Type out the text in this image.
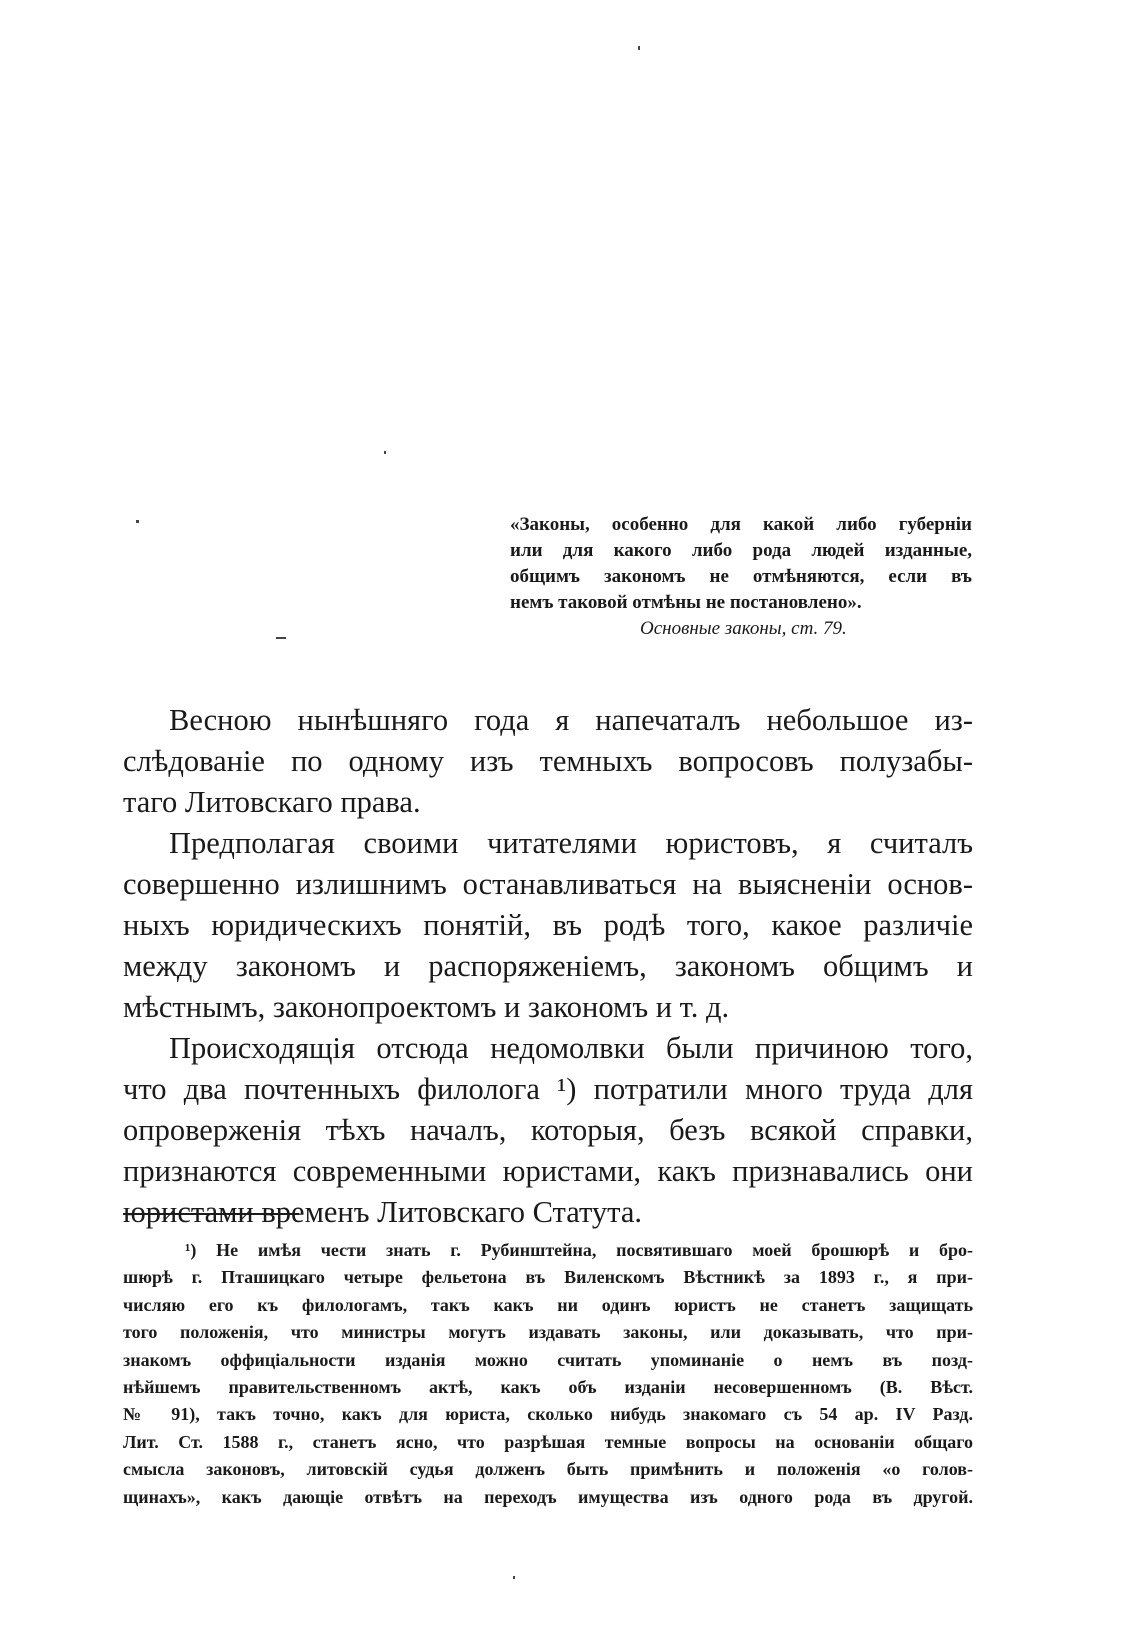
«Законы, особенно для какой либо губерніи
или для какого либо рода людей изданные,
общимъ закономъ не отмѣняются, если въ
немъ таковой отмѣны не постановлено».
Основные законы, ст. 79.
Весною нынѣшняго года я напечаталъ небольшое из-
слѣдованіе по одному изъ темныхъ вопросовъ полузабы-
таго Литовскаго права.
Предполагая своими читателями юристовъ, я считалъ
совершенно излишнимъ останавливаться на выясненіи основ-
ныхъ юридическихъ понятій, въ родѣ того, какое различіе
между закономъ и распоряженіемъ, закономъ общимъ и
мѣстнымъ, законопроектомъ и закономъ и т. д.
Происходящія отсюда недомолвки были причиною того,
что два почтенныхъ филолога ¹) потратили много труда для
опроверженія тѣхъ началъ, которыя, безъ всякой справки,
признаются современными юристами, какъ признавались они
юристами временъ Литовскаго Статута.
¹) Не имѣя чести знать г. Рубинштейна, посвятившаго моей брошюрѣ и бро-
шюрѣ г. Пташицкаго четыре фельетона въ Виленскомъ Вѣстникѣ за 1893 г., я при-
числяю его къ филологамъ, такъ какъ ни одинъ юристъ не станетъ защищать
того положенія, что министры могутъ издавать законы, или доказывать, что при-
знакомъ оффиціальности изданія можно считать упоминаніе о немъ въ позд-
нѣйшемъ правительственномъ актѣ, какъ объ изданіи несовершенномъ (В. Вѣст.
№ 91), такъ точно, какъ для юриста, сколько нибудь знакомаго съ 54 ар. IV Разд.
Лит. Ст. 1588 г., станетъ ясно, что разрѣшая темные вопросы на основаніи общаго
смысла законовъ, литовскій судья долженъ быть примѣнить и положенія «о голов-
щинахъ», какъ дающіе отвѣтъ на переходъ имущества изъ одного рода въ другой.
